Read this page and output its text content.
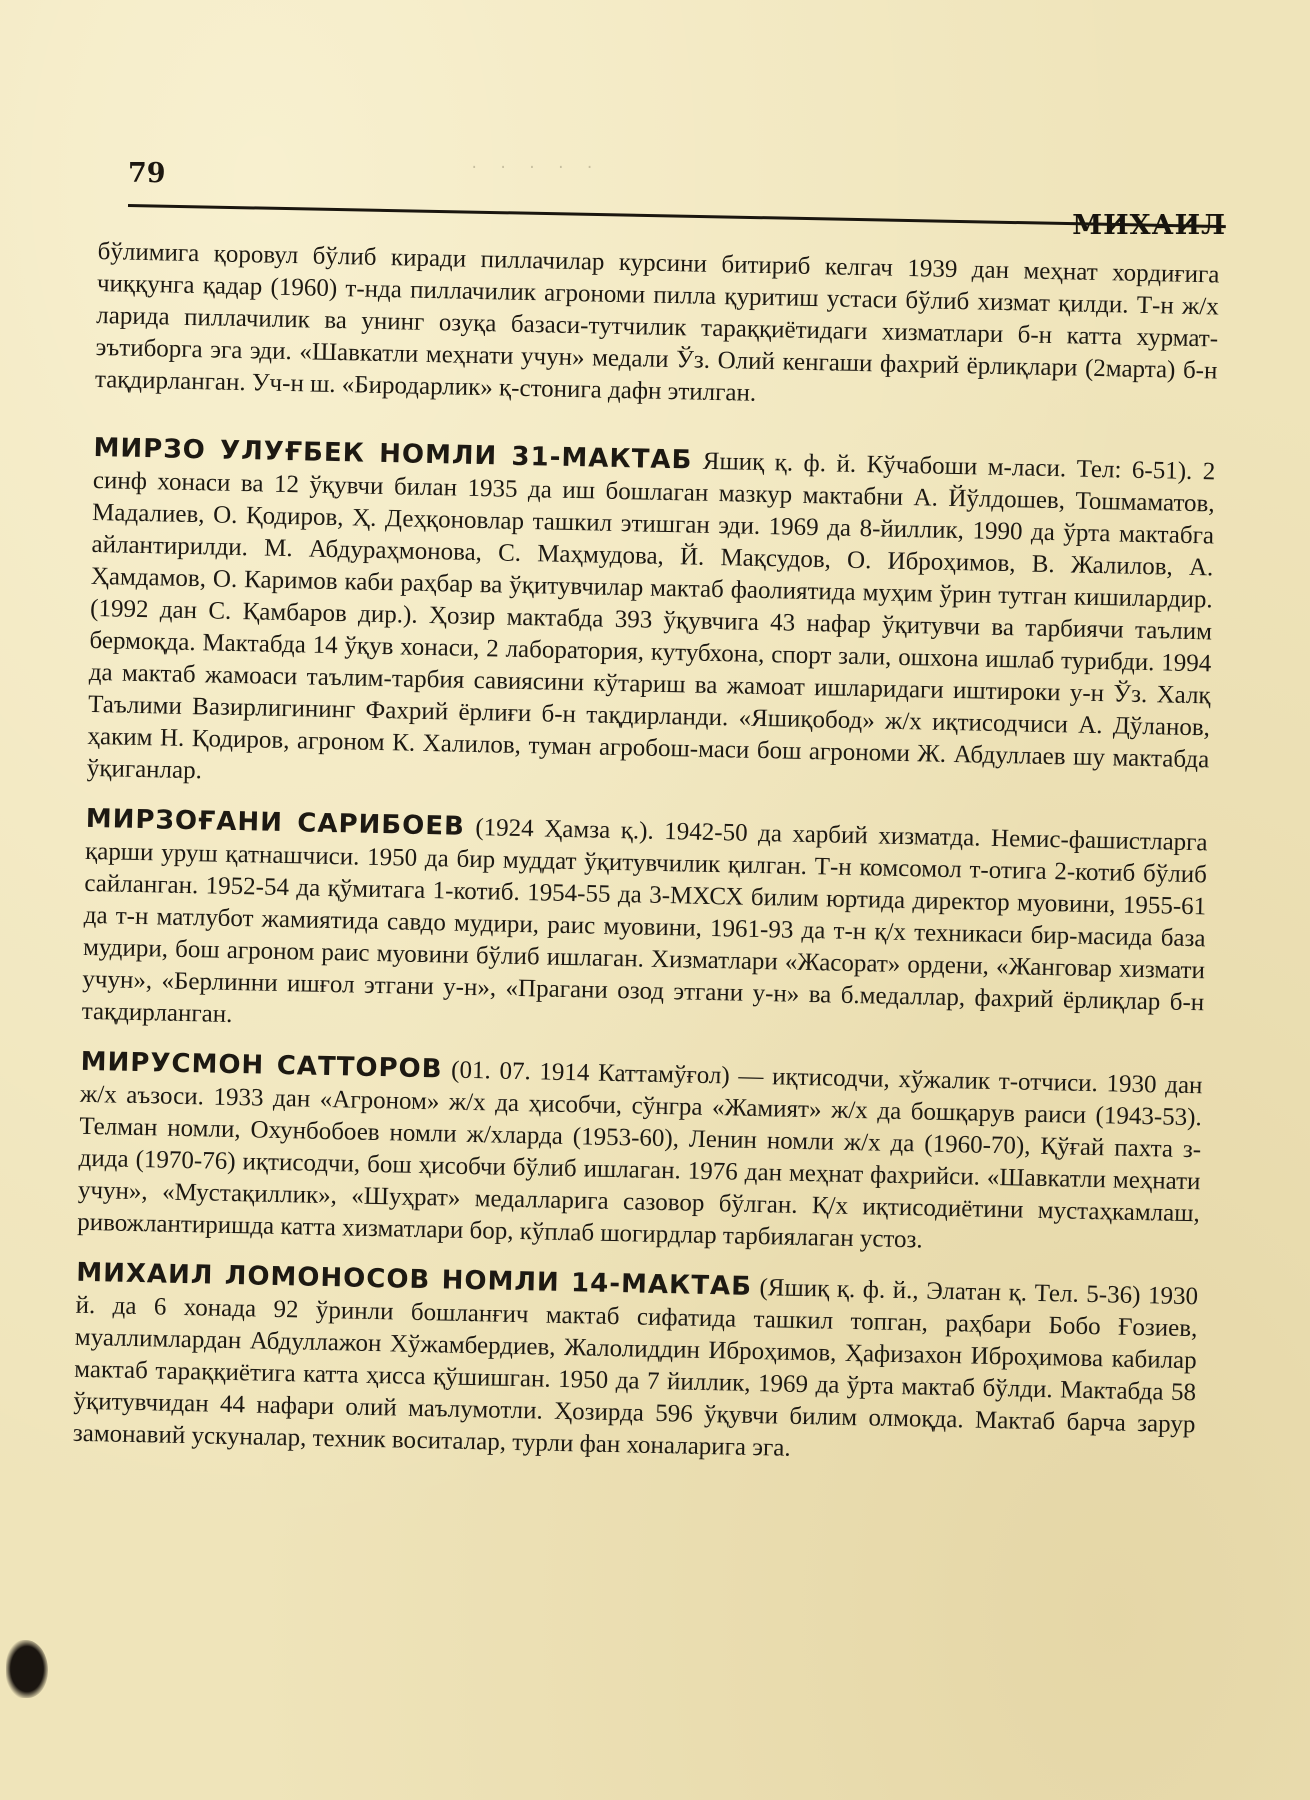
· · · · ·
79
МИХАИЛ

бўлимига қоровул бўлиб киради пиллачилар курсини битириб келгач 1939 дан меҳнат хордиғига чиққунга қадар (1960) т-нда пиллачилик агрономи пилла қуритиш устаси бўлиб хизмат қилди. Т-н ж/х ларида пиллачилик ва унинг озуқа базаси-тутчилик тараққиётидаги хизматлари б-н катта хурмат-эътиборга эга эди. «Шавкатли меҳнати учун» медали Ўз. Олий кенгаши фахрий ёрлиқлари (2марта) б-н тақдирланган. Уч-н ш. «Биродарлик» қ-стонига дафн этилган.

МИРЗО УЛУҒБЕК НОМЛИ 31-МАКТАБ Яшиқ қ. ф. й. Кўчабоши м-ласи. Тел: 6-51). 2 синф хонаси ва 12 ўқувчи билан 1935 да иш бошлаган мазкур мактабни А. Йўлдошев, Тошмаматов, Мадалиев, О. Қодиров, Ҳ. Деҳқоновлар ташкил этишган эди. 1969 да 8-йиллик, 1990 да ўрта мактабга айлантирилди. М. Абдураҳмонова, С. Маҳмудова, Й. Мақсудов, О. Иброҳимов, В. Жалилов, А. Ҳамдамов, О. Каримов каби раҳбар ва ўқитувчилар мактаб фаолиятида муҳим ўрин тутган кишилардир. (1992 дан С. Қамбаров дир.). Ҳозир мактабда 393 ўқувчига 43 нафар ўқитувчи ва тарбиячи таълим бермоқда. Мактабда 14 ўқув хонаси, 2 лаборатория, кутубхона, спорт зали, ошхона ишлаб турибди. 1994 да мактаб жамоаси таълим-тарбия савиясини кўтариш ва жамоат ишларидаги иштироки у-н Ўз. Халқ Таълими Вазирлигининг Фахрий ёрлиғи б-н тақдирланди. «Яшиқобод» ж/х иқтисодчиси А. Дўланов, ҳаким Н. Қодиров, агроном К. Халилов, туман агробош-маси бош агрономи Ж. Абдуллаев шу мактабда ўқиганлар.

МИРЗОҒАНИ САРИБОЕВ (1924 Ҳамза қ.). 1942-50 да харбий хизматда. Немис-фашистларга қарши уруш қатнашчиси. 1950 да бир муддат ўқитувчилик қилган. Т-н комсомол т-отига 2-котиб бўлиб сайланган. 1952-54 да қўмитага 1-котиб. 1954-55 да 3-МХСХ билим юртида директор муовини, 1955-61 да т-н матлубот жамиятида савдо мудири, раис муовини, 1961-93 да т-н қ/х техникаси бир-масида база мудири, бош агроном раис муовини бўлиб ишлаган. Хизматлари «Жасорат» ордени, «Жанговар хизмати учун», «Берлинни ишғол этгани у-н», «Прагани озод этгани у-н» ва б.медаллар, фахрий ёрлиқлар б-н тақдирланган.

МИРУСМОН САТТОРОВ (01. 07. 1914 Каттамўғол) — иқтисодчи, хўжалик т-отчиси. 1930 дан ж/х аъзоси. 1933 дан «Агроном» ж/х да ҳисобчи, сўнгра «Жамият» ж/х да бошқарув раиси (1943-53). Телман номли, Охунбобоев номли ж/хларда (1953-60), Ленин номли ж/х да (1960-70), Қўғай пахта з-дида (1970-76) иқтисодчи, бош ҳисобчи бўлиб ишлаган. 1976 дан меҳнат фахрийси. «Шавкатли меҳнати учун», «Мустақиллик», «Шуҳрат» медалларига сазовор бўлган. Қ/х иқтисодиётини мустаҳкамлаш, ривожлантиришда катта хизматлари бор, кўплаб шогирдлар тарбиялаган устоз.

МИХАИЛ ЛОМОНОСОВ НОМЛИ 14-МАКТАБ (Яшиқ қ. ф. й., Элатан қ. Тел. 5-36) 1930 й. да 6 хонада 92 ўринли бошланғич мактаб сифатида ташкил топган, раҳбари Бобо Ғозиев, муаллимлардан Абдуллажон Хўжамбердиев, Жалолиддин Иброҳимов, Ҳафизахон Иброҳимова кабилар мактаб тараққиётига катта ҳисса қўшишган. 1950 да 7 йиллик, 1969 да ўрта мактаб бўлди. Мактабда 58 ўқитувчидан 44 нафари олий маълумотли. Ҳозирда 596 ўқувчи билим олмоқда. Мактаб барча зарур замонавий ускуналар, техник воситалар, турли фан хоналарига эга.
